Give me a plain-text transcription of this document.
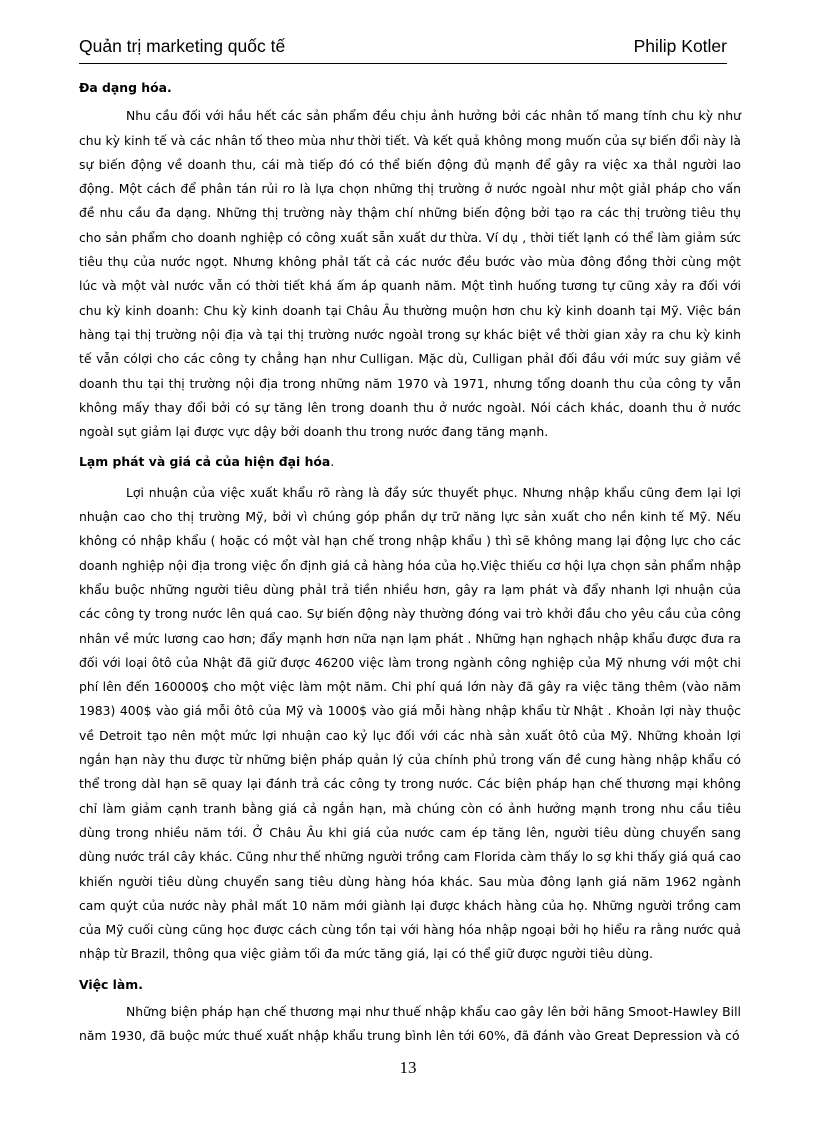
Quản trị marketing quốc tế	Philip Kotler

Đa dạng hóa.

Nhu cầu đối với hầu hết các sản phẩm đều chịu ảnh hưởng bởi các nhân tố mang tính chu kỳ như chu kỳ kinh tế và các nhân tố theo mùa như thời tiết. Và kết quả không mong muốn của sự biến đổi này là sự biến động về doanh thu, cái mà tiếp đó có thể biến động đủ mạnh để gây ra việc xa thảI người lao động. Một cách để phân tán rủi ro là lựa chọn những thị trường ở nước ngoàI như một giảI pháp cho vấn đề nhu cầu đa dạng. Những thị trường này thậm chí những biến động bởi tạo ra các thị trường tiêu thụ cho sản phẩm cho doanh nghiệp có công xuất sẵn xuất dư thừa. Ví dụ , thời tiết lạnh có thể làm giảm sức tiêu thụ của nước ngọt. Nhưng không phảI tất cả các nước đều bước vào mùa đông đồng thời cùng một lúc và một vàI nước vẫn có thời tiết khá ấm áp quanh năm. Một tình huống tương tự cũng xảy ra đối với chu kỳ kinh doanh: Chu kỳ kinh doanh tại Châu Âu thường muộn hơn chu kỳ kinh doanh tại Mỹ. Việc bán hàng tại thị trường nội địa và tại thị trường nước ngoàI trong sự khác biệt về thời gian xảy ra chu kỳ kinh tế vẫn cólợi cho các công ty chẳng hạn như Culligan. Mặc dù, Culligan phảI đối đầu với mức suy giảm về doanh thu tại thị trường nội địa trong những năm 1970 và 1971, nhưng tổng doanh thu của công ty vẫn không mấy thay đổi bởi có sự tăng lên trong doanh thu ở nước ngoàI. Nói cách khác, doanh thu ở nước ngoàI sụt giảm lại được vực dậy bởi doanh thu trong nước đang tăng mạnh.

Lạm phát và giá cả của hiện đại hóa.

Lợi nhuận của việc xuất khẩu rõ ràng là đầy sức thuyết phục. Nhưng nhập khẩu cũng đem lại lợi nhuận cao cho thị trường Mỹ, bởi vì chúng góp phần dự trữ năng lực sản xuất cho nền kinh tế Mỹ. Nếu không có nhập khẩu ( hoặc có một vàI hạn chế trong nhập khẩu ) thì sẽ không mang lại động lực cho các doanh nghiệp nội địa trong việc ổn định giá cả hàng hóa của họ.Việc thiếu cơ hội lựa chọn sản phẩm nhập khẩu buộc những người tiêu dùng phảI trả tiền nhiều hơn, gây ra lạm phát và đẩy nhanh lợi nhuận của các công ty trong nước lên quá cao. Sự biến động này thường đóng vai trò khởi đầu cho yêu cầu của công nhân về mức lương cao hơn; đẩy mạnh hơn nữa nạn lạm phát . Những hạn nghạch nhập khẩu được đưa ra đối với loại ôtô của Nhật đã giữ được 46200 việc làm trong ngành công nghiệp của Mỹ nhưng với một chi phí lên đến 160000$ cho một việc làm một năm. Chi phí quá lớn này đã gây ra việc tăng thêm (vào năm 1983) 400$ vào giá mỗi ôtô của Mỹ và 1000$ vào giá mỗi hàng nhập khẩu từ Nhật . Khoản lợi này thuộc về Detroit tạo nên một mức lợi nhuận cao kỷ lục đối với các nhà sản xuất ôtô của Mỹ. Những khoản lợi ngắn hạn này thu được từ những biện pháp quản lý của chính phủ trong vấn đề cung hàng nhập khẩu có thể trong dàI hạn sẽ quay lại đánh trả các công ty trong nước. Các biện pháp hạn chế thương mại không chỉ làm giảm cạnh tranh bằng giá cả ngắn hạn, mà chúng còn có ảnh hưởng mạnh trong nhu cầu tiêu dùng trong nhiều năm tới. Ở Châu Âu khi giá của nước cam ép tăng lên, người tiêu dùng chuyển sang dùng nước tráI cây khác. Cũng như thế những người trồng cam Florida càm thấy lo sợ khi thấy giá quá cao khiến người tiêu dùng chuyển sang tiêu dùng hàng hóa khác. Sau mùa đông lạnh giá năm 1962 ngành cam quýt của nước này phảI mất 10 năm mới giành lại được khách hàng của họ. Những người trồng cam của Mỹ cuối cùng cũng học được cách cùng tồn tại với hàng hóa nhập ngoại bởi họ hiểu ra rằng nước quả nhập từ Brazil, thông qua việc giảm tối đa mức tăng giá, lại có thể giữ được người tiêu dùng.

Việc làm.

Những biện pháp hạn chế thương mại như thuế nhập khẩu cao gây lên bởi hãng Smoot-Hawley Bill năm 1930, đã buộc mức thuế xuất nhập khẩu trung bình lên tới 60%, đã đánh vào Great Depression và có

13
